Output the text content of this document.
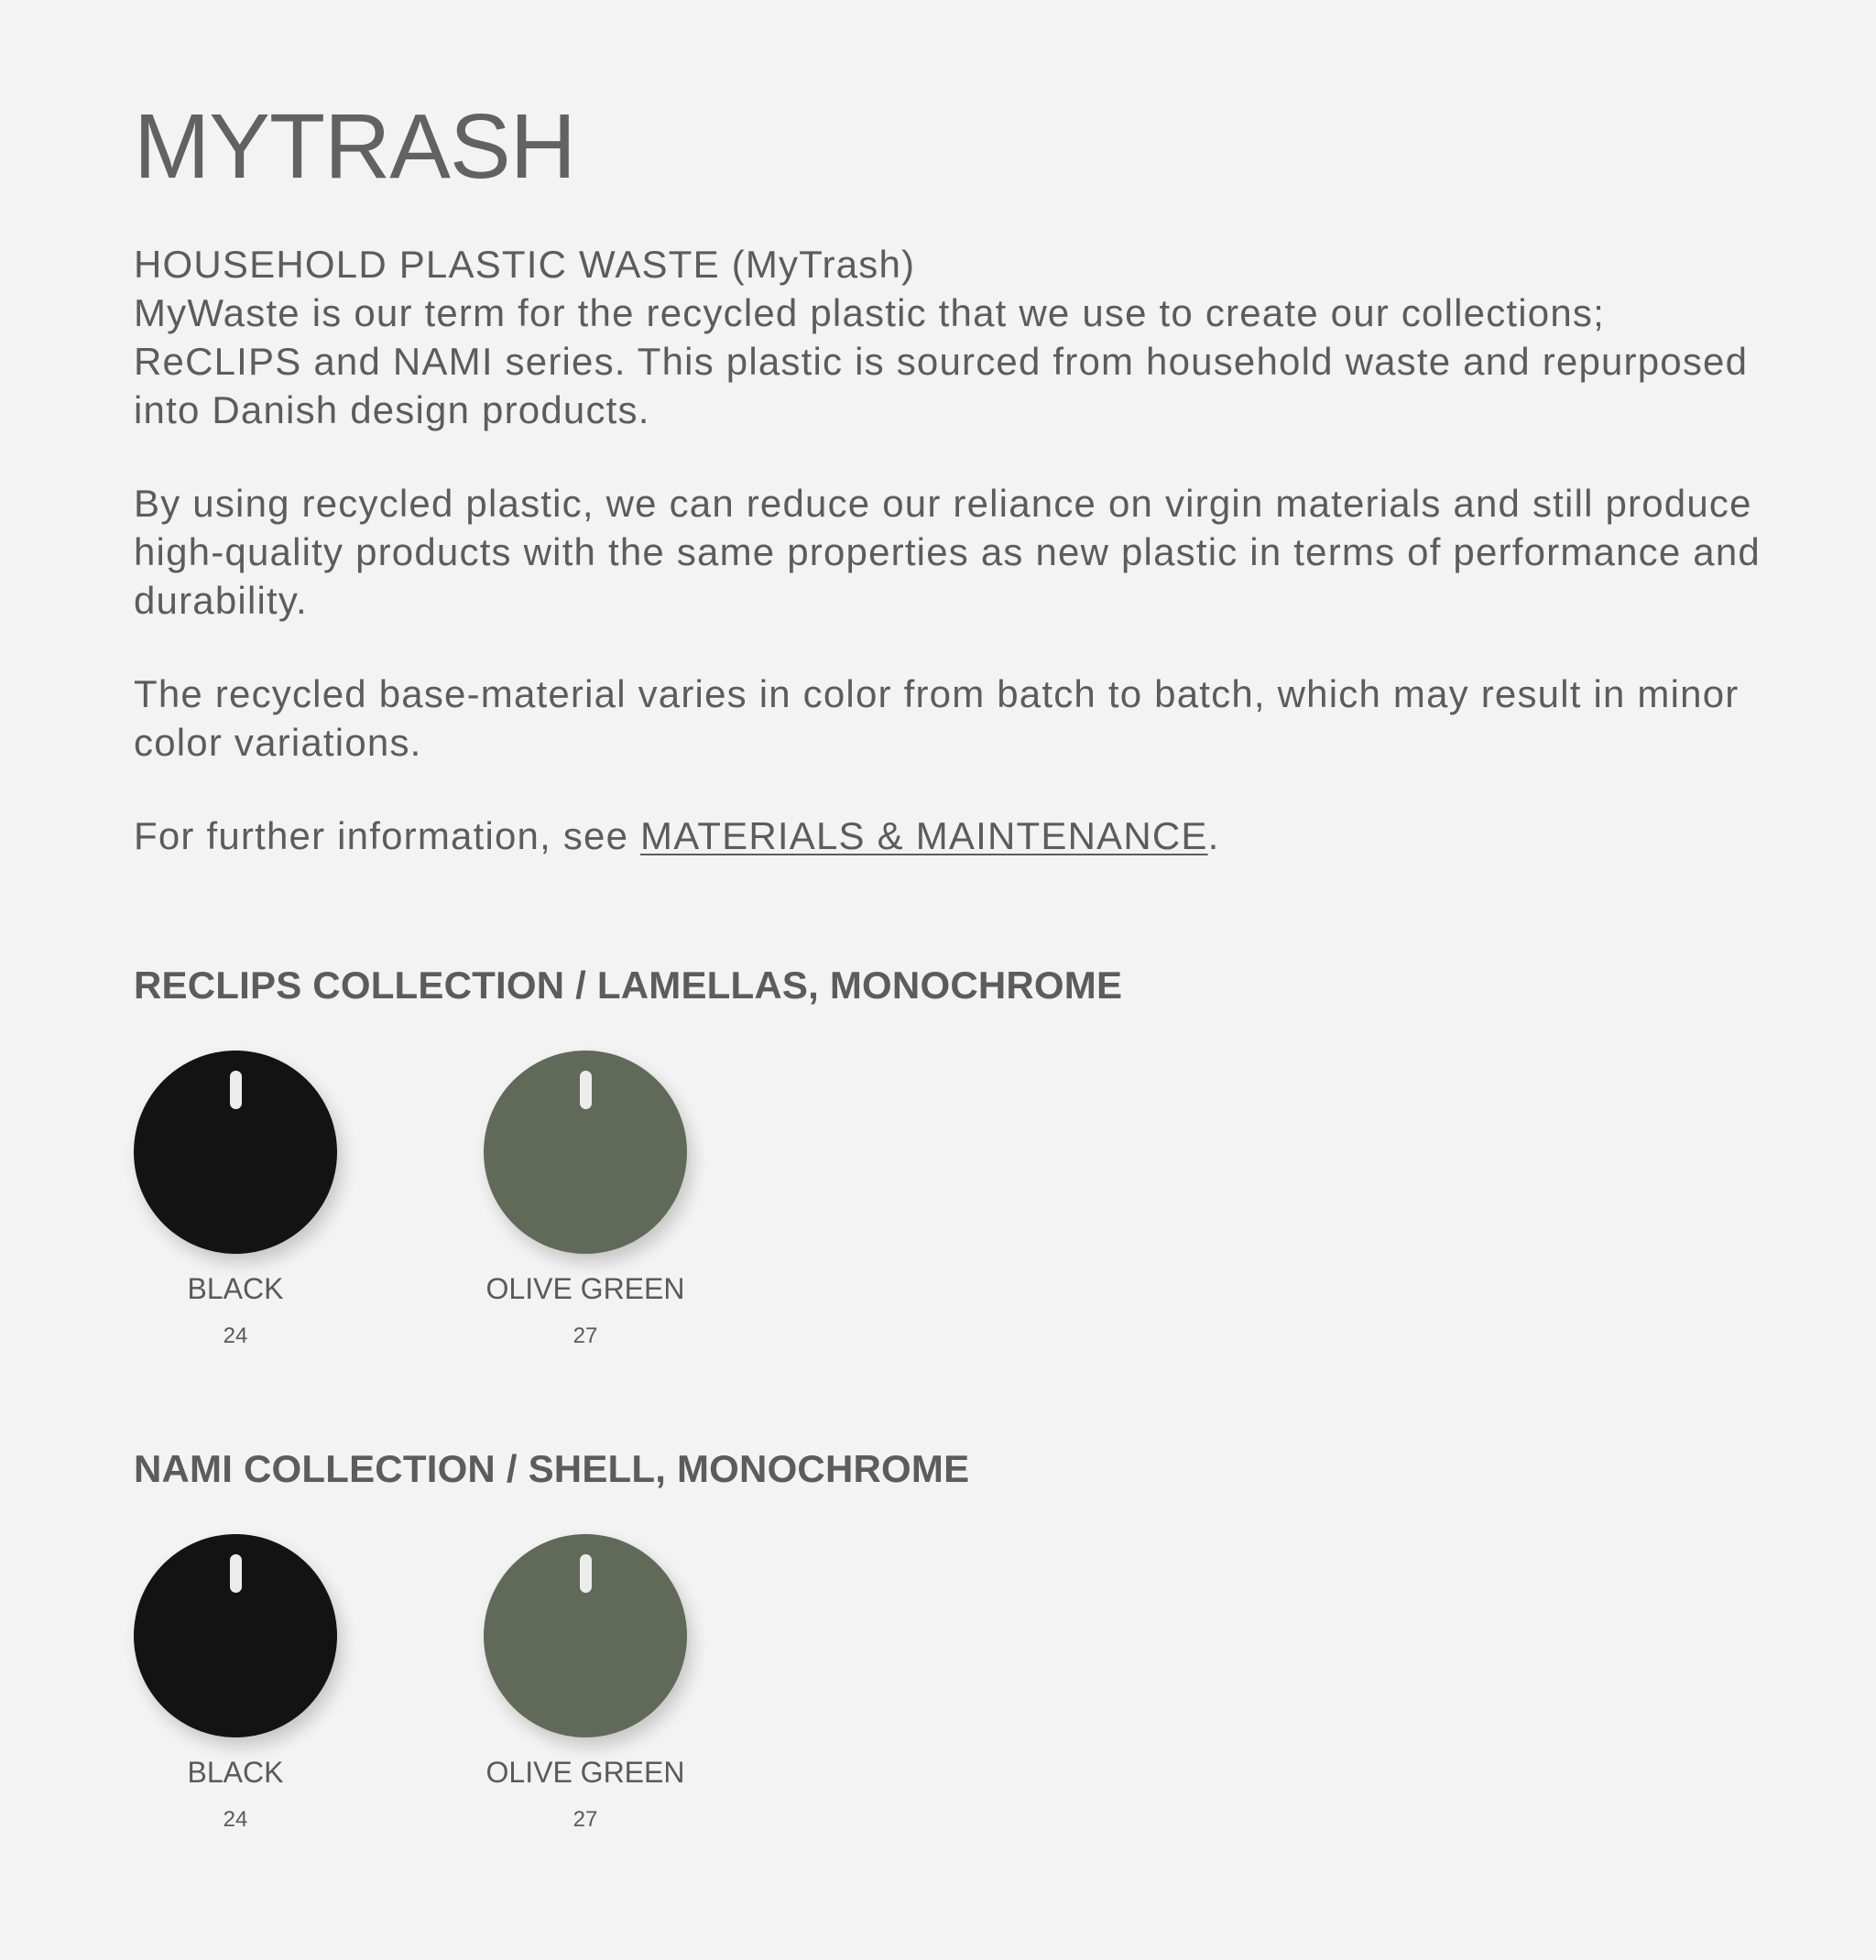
MYTRASH

HOUSEHOLD PLASTIC WASTE (MyTrash)
MyWaste is our term for the recycled plastic that we use to create our collections; ReCLIPS and NAMI series. This plastic is sourced from household waste and repurposed into Danish design products.

By using recycled plastic, we can reduce our reliance on virgin materials and still produce high-quality products with the same properties as new plastic in terms of performance and durability.

The recycled base-material varies in color from batch to batch, which may result in minor color variations.

For further information, see MATERIALS & MAINTENANCE.

RECLIPS COLLECTION / LAMELLAS, MONOCHROME
BLACK
24
OLIVE GREEN
27
NAMI COLLECTION / SHELL, MONOCHROME
BLACK
24
OLIVE GREEN
27
